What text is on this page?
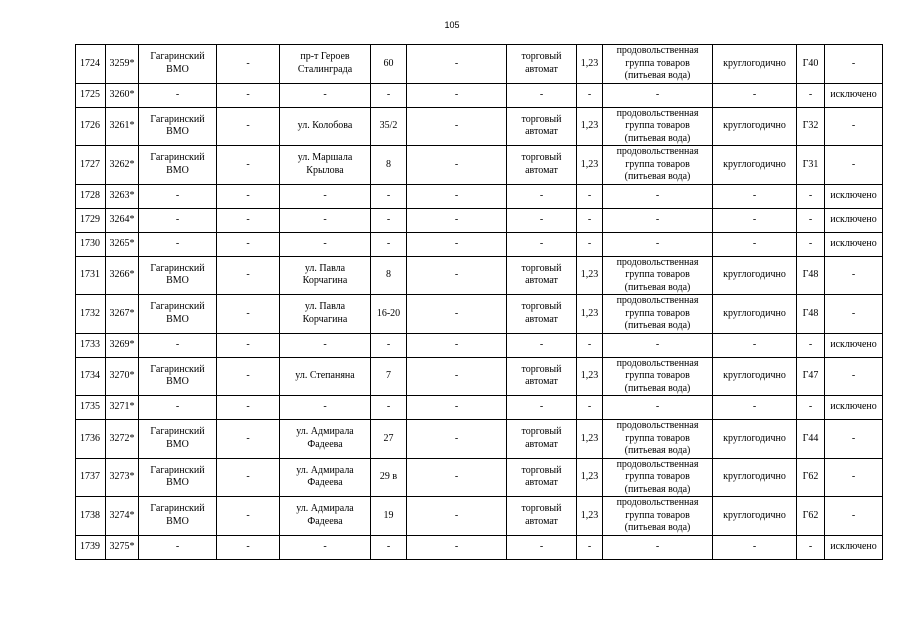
105
1724	3259*	Гагаринский ВМО	-	пр-т Героев Сталинграда	60	-	торговый автомат	1,23	продовольственная группа товаров (питьевая вода)	круглогодично	Г40	-
1725	3260*	-	-	-	-	-	-	-	-	-	-	исключено
1726	3261*	Гагаринский ВМО	-	ул. Колобова	35/2	-	торговый автомат	1,23	продовольственная группа товаров (питьевая вода)	круглогодично	Г32	-
1727	3262*	Гагаринский ВМО	-	ул. Маршала Крылова	8	-	торговый автомат	1,23	продовольственная группа товаров (питьевая вода)	круглогодично	Г31	-
1728	3263*	-	-	-	-	-	-	-	-	-	-	исключено
1729	3264*	-	-	-	-	-	-	-	-	-	-	исключено
1730	3265*	-	-	-	-	-	-	-	-	-	-	исключено
1731	3266*	Гагаринский ВМО	-	ул. Павла Корчагина	8	-	торговый автомат	1,23	продовольственная группа товаров (питьевая вода)	круглогодично	Г48	-
1732	3267*	Гагаринский ВМО	-	ул. Павла Корчагина	16-20	-	торговый автомат	1,23	продовольственная группа товаров (питьевая вода)	круглогодично	Г48	-
1733	3269*	-	-	-	-	-	-	-	-	-	-	исключено
1734	3270*	Гагаринский ВМО	-	ул. Степаняна	7	-	торговый автомат	1,23	продовольственная группа товаров (питьевая вода)	круглогодично	Г47	-
1735	3271*	-	-	-	-	-	-	-	-	-	-	исключено
1736	3272*	Гагаринский ВМО	-	ул. Адмирала Фадеева	27	-	торговый автомат	1,23	продовольственная группа товаров (питьевая вода)	круглогодично	Г44	-
1737	3273*	Гагаринский ВМО	-	ул. Адмирала Фадеева	29 в	-	торговый автомат	1,23	продовольственная группа товаров (питьевая вода)	круглогодично	Г62	-
1738	3274*	Гагаринский ВМО	-	ул. Адмирала Фадеева	19	-	торговый автомат	1,23	продовольственная группа товаров (питьевая вода)	круглогодично	Г62	-
1739	3275*	-	-	-	-	-	-	-	-	-	-	исключено
